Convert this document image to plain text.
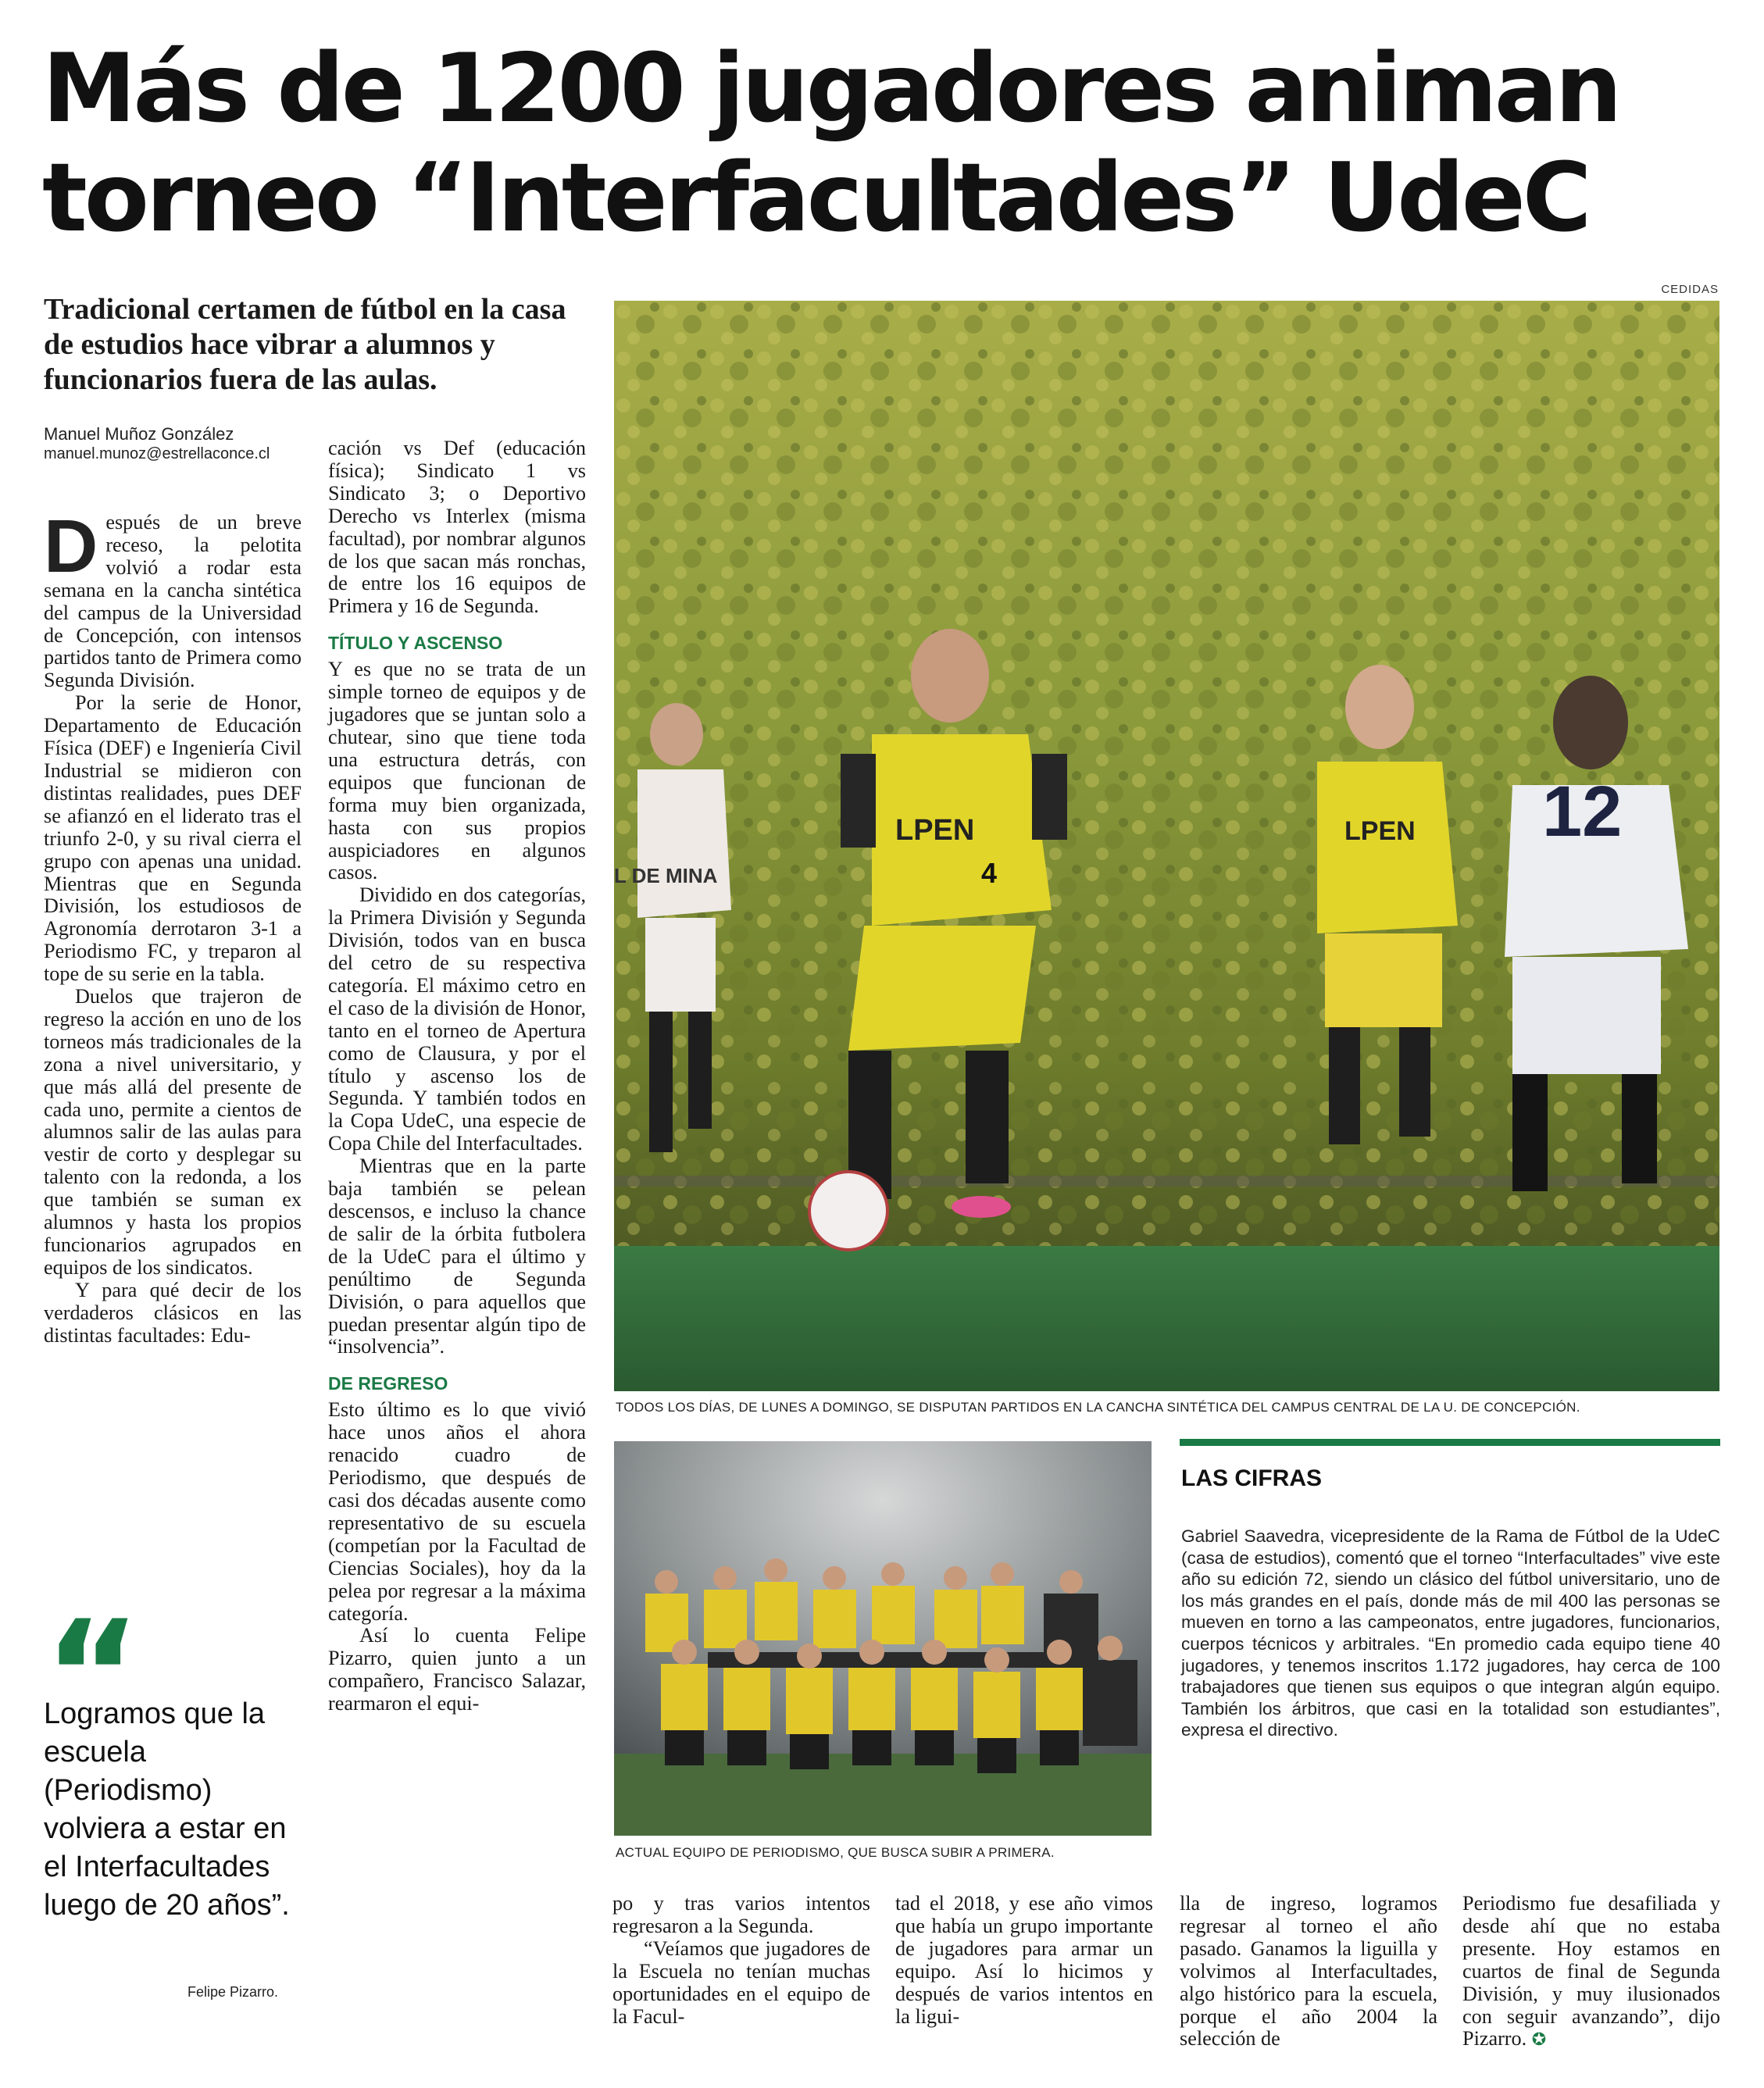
Más de 1200 jugadores animan torneo “Interfacultades” UdeC
CEDIDAS
Tradicional certamen de fútbol en la casa de estudios hace vibrar a alumnos y funcionarios fuera de las aulas.
Manuel Muñoz González
manuel.munoz@estrellaconce.cl

Después de un breve receso, la pelotita volvió a rodar esta semana en la cancha sintética del campus de la Universidad de Concepción, con intensos partidos tanto de Primera como Segunda División.

Por la serie de Honor, Departamento de Educación Física (DEF) e Ingeniería Civil Industrial se midieron con distintas realidades, pues DEF se afianzó en el liderato tras el triunfo 2-0, y su rival cierra el grupo con apenas una unidad. Mientras que en Segunda División, los estudiosos de Agronomía derrotaron 3-1 a Periodismo FC, y treparon al tope de su serie en la tabla.

Duelos que trajeron de regreso la acción en uno de los torneos más tradicionales de la zona a nivel universitario, y que más allá del presente de cada uno, permite a cientos de alumnos salir de las aulas para vestir de corto y desplegar su talento con la redonda, a los que también se suman ex alumnos y hasta los propios funcionarios agrupados en equipos de los sindicatos.

Y para qué decir de los verdaderos clásicos en las distintas facultades: Edu-

cación vs Def (educación física); Sindicato 1 vs Sindicato 3; o Deportivo Derecho vs Interlex (misma facultad), por nombrar algunos de los que sacan más ronchas, de entre los 16 equipos de Primera y 16 de Segunda.

TÍTULO Y ASCENSO

Y es que no se trata de un simple torneo de equipos y de jugadores que se juntan solo a chutear, sino que tiene toda una estructura detrás, con equipos que funcionan de forma muy bien organizada, hasta con sus propios auspiciadores en algunos casos.

Dividido en dos categorías, la Primera División y Segunda División, todos van en busca del cetro de su respectiva categoría. El máximo cetro en el caso de la división de Honor, tanto en el torneo de Apertura como de Clausura, y por el título y ascenso los de Segunda. Y también todos en la Copa UdeC, una especie de Copa Chile del Interfacultades.

Mientras que en la parte baja también se pelean descensos, e incluso la chance de salir de la órbita futbolera de la UdeC para el último y penúltimo de Segunda División, o para aquellos que puedan presentar algún tipo de “insolvencia”.

DE REGRESO

Esto último es lo que vivió hace unos años el ahora renacido cuadro de Periodismo, que después de casi dos décadas ausente como representativo de su escuela (competían por la Facultad de Ciencias Sociales), hoy da la pelea por regresar a la máxima categoría.

Así lo cuenta Felipe Pizarro, quien junto a un compañero, Francisco Salazar, rearmaron el equi-

Logramos que la escuela (Periodismo) volviera a estar en el Interfacultades luego de 20 años”.
Felipe Pizarro.
4
LPEN	LPEN
L DE MINA
12
TODOS LOS DÍAS, DE LUNES A DOMINGO, SE DISPUTAN PARTIDOS EN LA CANCHA SINTÉTICA DEL CAMPUS CENTRAL DE LA U. DE CONCEPCIÓN.
ACTUAL EQUIPO DE PERIODISMO, QUE BUSCA SUBIR A PRIMERA.
LAS CIFRAS
Gabriel Saavedra, vicepresidente de la Rama de Fútbol de la UdeC (casa de estudios), comentó que el torneo “Interfacultades” vive este año su edición 72, siendo un clásico del fútbol universitario, uno de los más grandes en el país, donde más de mil 400 las personas se mueven en torno a las campeonatos, entre jugadores, funcionarios, cuerpos técnicos y arbitrales. “En promedio cada equipo tiene 40 jugadores, y tenemos inscritos 1.172 jugadores, hay cerca de 100 trabajadores que tienen sus equipos o que integran algún equipo. También los árbitros, que casi en la totalidad son estudiantes”, expresa el directivo.

po y tras varios intentos regresaron a la Segunda.

“Veíamos que jugadores de la Escuela no tenían muchas oportunidades en el equipo de la Facul-

tad el 2018, y ese año vimos que había un grupo importante de jugadores para armar un equipo. Así lo hicimos y después de varios intentos en la ligui-

lla de ingreso, logramos regresar al torneo el año pasado. Ganamos la liguilla y volvimos al Interfacultades, algo histórico para la escuela, porque el año 2004 la selección de

Periodismo fue desafiliada y desde ahí que no estaba presente. Hoy estamos en cuartos de final de Segunda División, y muy ilusionados con seguir avanzando”, dijo Pizarro. ✪
